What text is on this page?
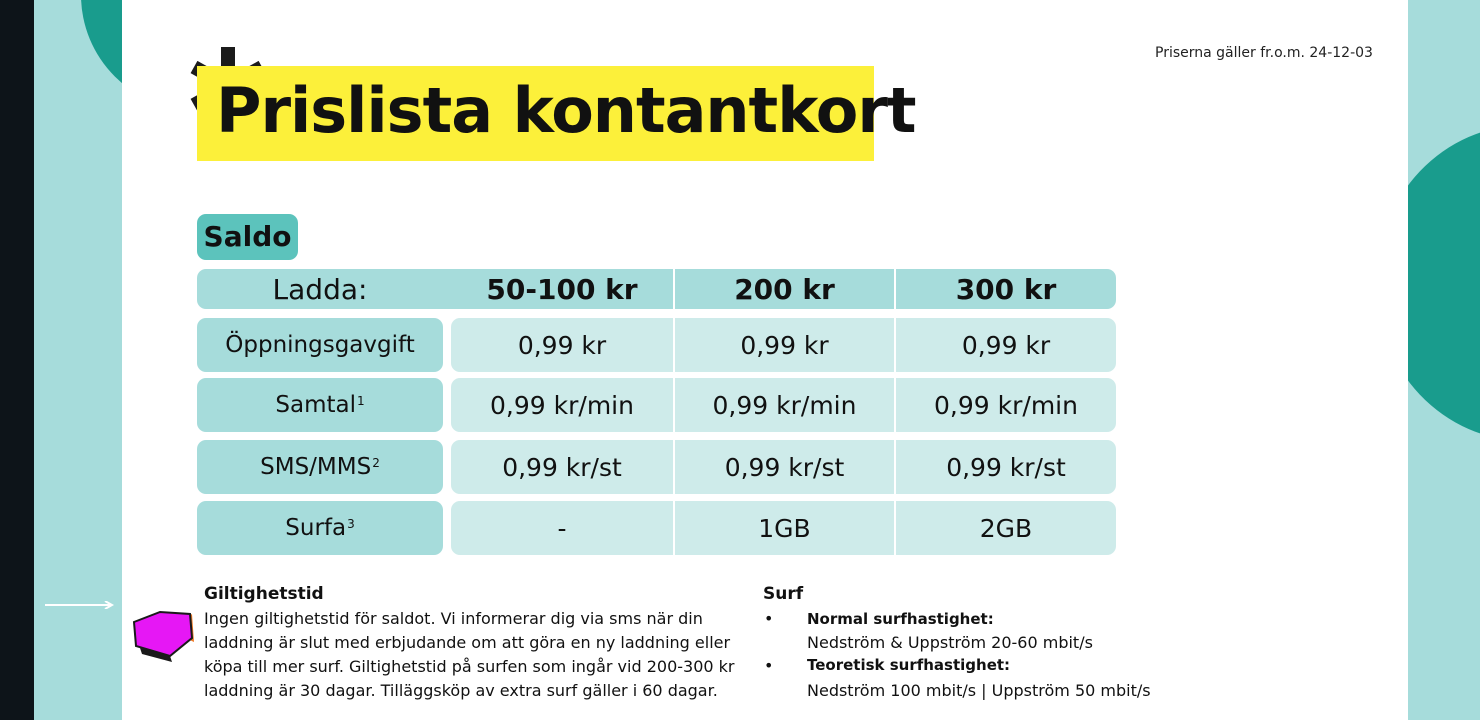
Priserna gäller fr.o.m. 24-12-03
Prislista kontantkort
Saldo
Ladda:	50-100 kr	200 kr	300 kr
Öppningsgavgift	0,99 kr	0,99 kr	0,99 kr
Samtal$^1$	0,99 kr/min	0,99 kr/min	0,99 kr/min
SMS/MMS$^2$	0,99 kr/st	0,99 kr/st	0,99 kr/st
Surfa$^3$	-	1GB	2GB
Giltighetstid

Ingen giltighetstid för saldot. Vi informerar dig via sms när din laddning är slut med erbjudande om att göra en ny laddning eller köpa till mer surf. Giltighetstid på surfen som ingår vid 200-300 kr laddning är 30 dagar. Tilläggsköp av extra surf gäller i 60 dagar.

Surf
• Normal surfhastighet:
Nedström & Uppström 20-60 mbit/s
• Teoretisk surfhastighet:
Nedström 100 mbit/s | Uppström 50 mbit/s
